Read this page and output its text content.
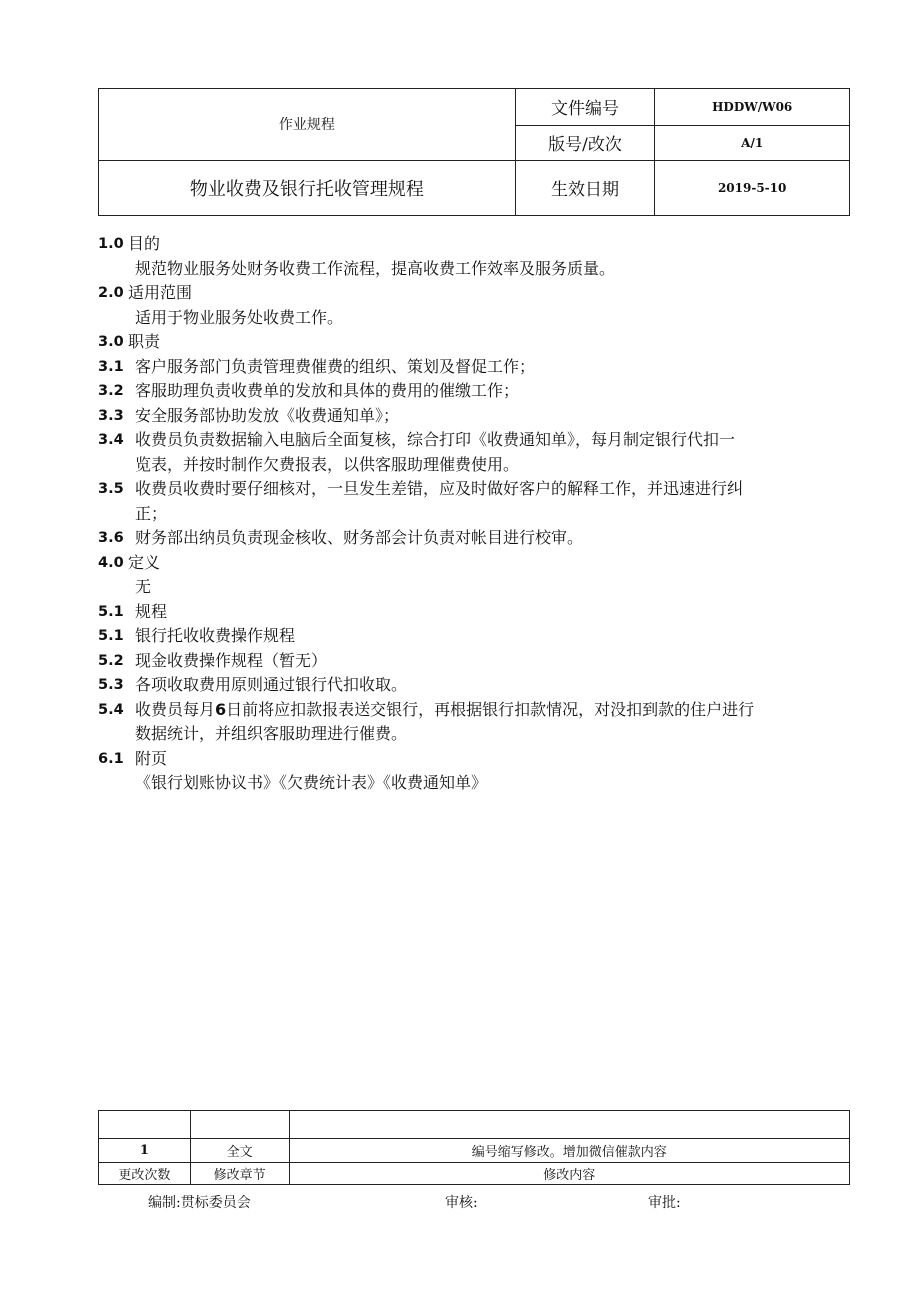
作业规程	文件编号	HDDW/W06
	版号/改次	A/1
物业收费及银行托收管理规程	生效日期	2019-5-10
1.0 目的
规范物业服务处财务收费工作流程，提高收费工作效率及服务质量。
2.0 适用范围
适用于物业服务处收费工作。
3.0 职责
3.1 客户服务部门负责管理费催费的组织、策划及督促工作；
3.2 客服助理负责收费单的发放和具体的费用的催缴工作；
3.3 安全服务部协助发放《收费通知单》；
3.4 收费员负责数据输入电脑后全面复核，综合打印《收费通知单》，每月制定银行代扣一
览表，并按时制作欠费报表，以供客服助理催费使用。
3.5 收费员收费时要仔细核对，一旦发生差错，应及时做好客户的解释工作，并迅速进行纠
正；
3.6 财务部出纳员负责现金核收、财务部会计负责对帐目进行校审。
4.0 定义
无
5.1 规程
5.1 银行托收收费操作规程
5.2 现金收费操作规程（暂无）
5.3 各项收取费用原则通过银行代扣收取。
5.4 收费员每月6日前将应扣款报表送交银行，再根据银行扣款情况，对没扣到款的住户进行
数据统计，并组织客服助理进行催费。
6.1 附页
《银行划账协议书》《欠费统计表》《收费通知单》

1	全文	编号缩写修改。增加微信催款内容
更改次数	修改章节	修改内容
编制:贯标委员会	审核:	审批:
